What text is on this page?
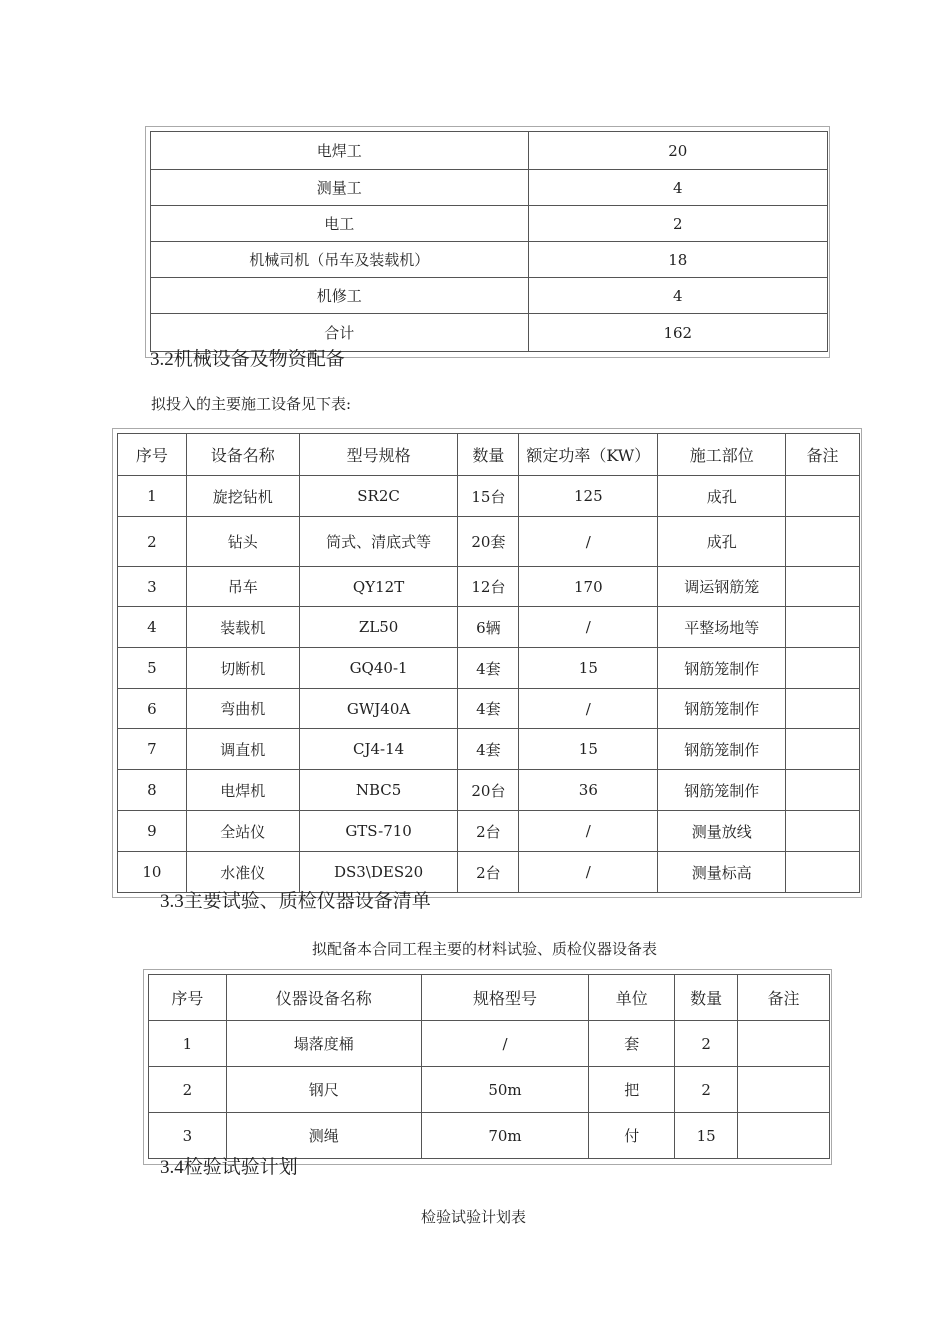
电焊工	20
测量工	4
电工	2
机械司机（吊车及装载机）	18
机修工	4
合计	162
3.2机械设备及物资配备
拟投入的主要施工设备见下表:
序号	设备名称	型号规格	数量	额定功率（KW）	施工部位	备注
1	旋挖钻机	SR2C	15台	125	成孔	
2	钻头	筒式、清底式等	20套	/	成孔	
3	吊车	QY12T	12台	170	调运钢筋笼	
4	装载机	ZL50	6辆	/	平整场地等	
5	切断机	GQ40-1	4套	15	钢筋笼制作	
6	弯曲机	GWJ40A	4套	/	钢筋笼制作	
7	调直机	CJ4-14	4套	15	钢筋笼制作	
8	电焊机	NBC5	20台	36	钢筋笼制作	
9	全站仪	GTS-710	2台	/	测量放线	
10	水准仪	DS3\DES20	2台	/	测量标高	
3.3主要试验、质检仪器设备清单
拟配备本合同工程主要的材料试验、质检仪器设备表
序号	仪器设备名称	规格型号	单位	数量	备注
1	塌落度桶	/	套	2	
2	钢尺	50m	把	2	
3	测绳	70m	付	15	
3.4检验试验计划
检验试验计划表
